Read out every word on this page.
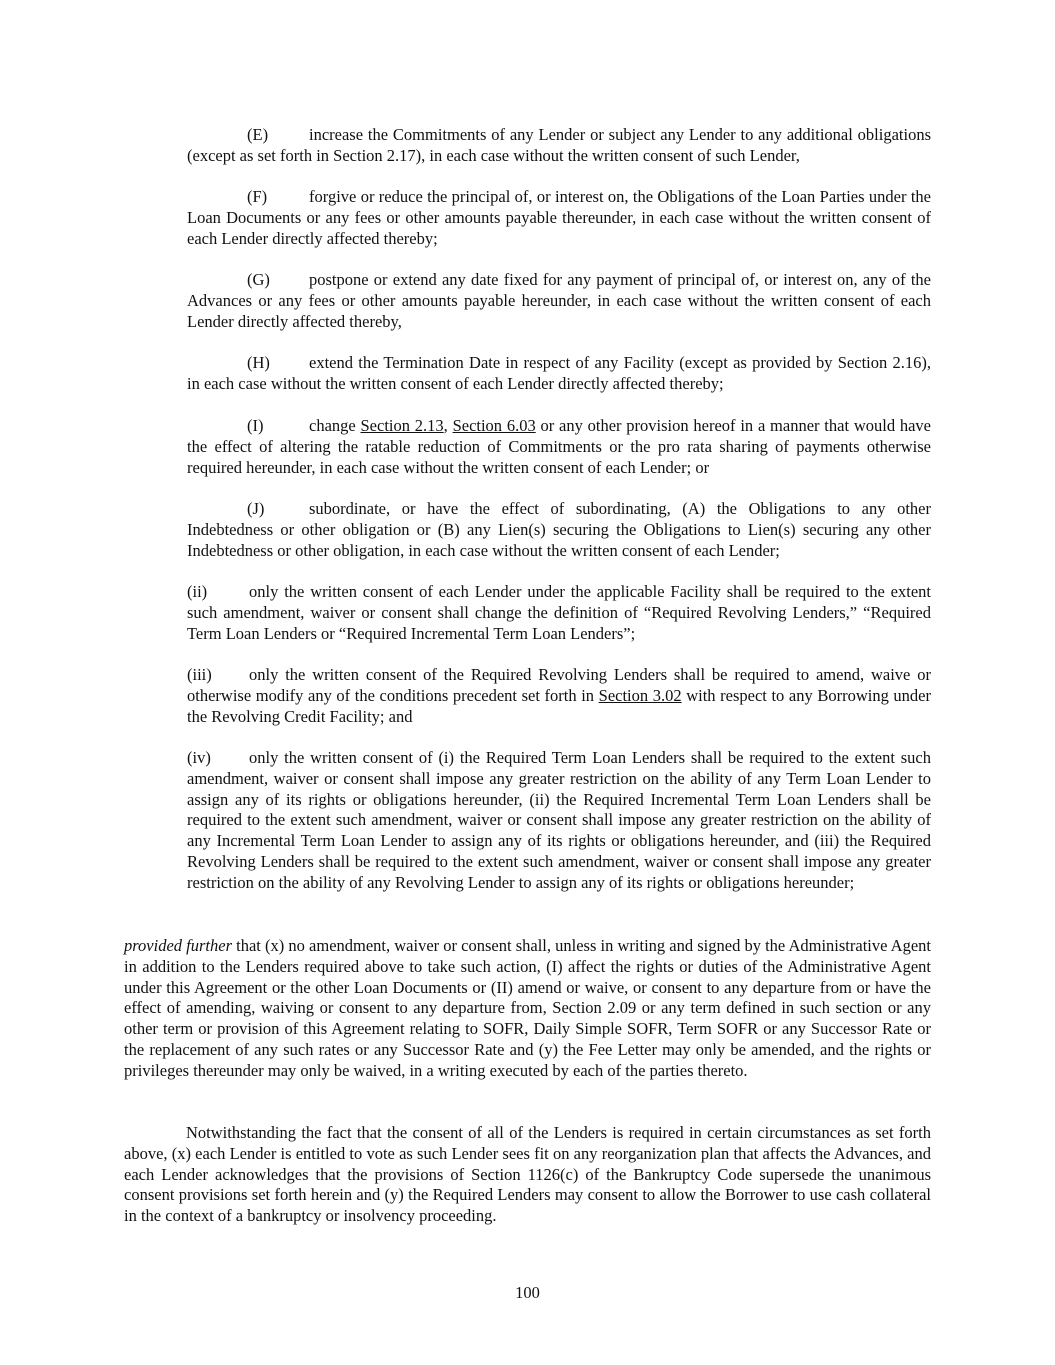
(E) increase the Commitments of any Lender or subject any Lender to any additional obligations (except as set forth in Section 2.17), in each case without the written consent of such Lender,

(F)	forgive or reduce the principal of, or interest on, the Obligations of the Loan Parties under the Loan Documents or any fees or other amounts payable thereunder, in each case without the written consent of each Lender directly affected thereby;

(G) postpone or extend any date fixed for any payment of principal of, or interest on, any of the Advances or any fees or other amounts payable hereunder, in each case without the written consent of each Lender directly affected thereby,

(H) extend the Termination Date in respect of any Facility (except as provided by Section 2.16), in each case without the written consent of each Lender directly affected thereby;

(I)	change Section 2.13, Section 6.03 or any other provision hereof in a manner that would have the effect of altering the ratable reduction of Commitments or the pro rata sharing of payments otherwise required hereunder, in each case without the written consent of each Lender; or

(J)	subordinate, or have the effect of subordinating, (A) the Obligations to any other Indebtedness or other obligation or (B) any Lien(s) securing the Obligations to Lien(s) securing any other Indebtedness or other obligation, in each case without the written consent of each Lender;

(ii)	only the written consent of each Lender under the applicable Facility shall be required to the extent such amendment, waiver or consent shall change the definition of “Required Revolving Lenders,” “Required Term Loan Lenders or “Required Incremental Term Loan Lenders”;

(iii) only the written consent of the Required Revolving Lenders shall be required to amend, waive or otherwise modify any of the conditions precedent set forth in Section 3.02 with respect to any Borrowing under the Revolving Credit Facility; and

(iv) only the written consent of (i) the Required Term Loan Lenders shall be required to the extent such amendment, waiver or consent shall impose any greater restriction on the ability of any Term Loan Lender to assign any of its rights or obligations hereunder, (ii) the Required Incremental Term Loan Lenders shall be required to the extent such amendment, waiver or consent shall impose any greater restriction on the ability of any Incremental Term Loan Lender to assign any of its rights or obligations hereunder, and (iii) the Required Revolving Lenders shall be required to the extent such amendment, waiver or consent shall impose any greater restriction on the ability of any Revolving Lender to assign any of its rights or obligations hereunder;

provided further that (x) no amendment, waiver or consent shall, unless in writing and signed by the Administrative Agent in addition to the Lenders required above to take such action, (I) affect the rights or duties of the Administrative Agent under this Agreement or the other Loan Documents or (II) amend or waive, or consent to any departure from or have the effect of amending, waiving or consent to any departure from, Section 2.09 or any term defined in such section or any other term or provision of this Agreement relating to SOFR, Daily Simple SOFR, Term SOFR or any Successor Rate or the replacement of any such rates or any Successor Rate and (y) the Fee Letter may only be amended, and the rights or privileges thereunder may only be waived, in a writing executed by each of the parties thereto.

Notwithstanding the fact that the consent of all of the Lenders is required in certain circumstances as set forth above, (x) each Lender is entitled to vote as such Lender sees fit on any reorganization plan that affects the Advances, and each Lender acknowledges that the provisions of Section 1126(c) of the Bankruptcy Code supersede the unanimous consent provisions set forth herein and (y) the Required Lenders may consent to allow the Borrower to use cash collateral in the context of a bankruptcy or insolvency proceeding.

100
